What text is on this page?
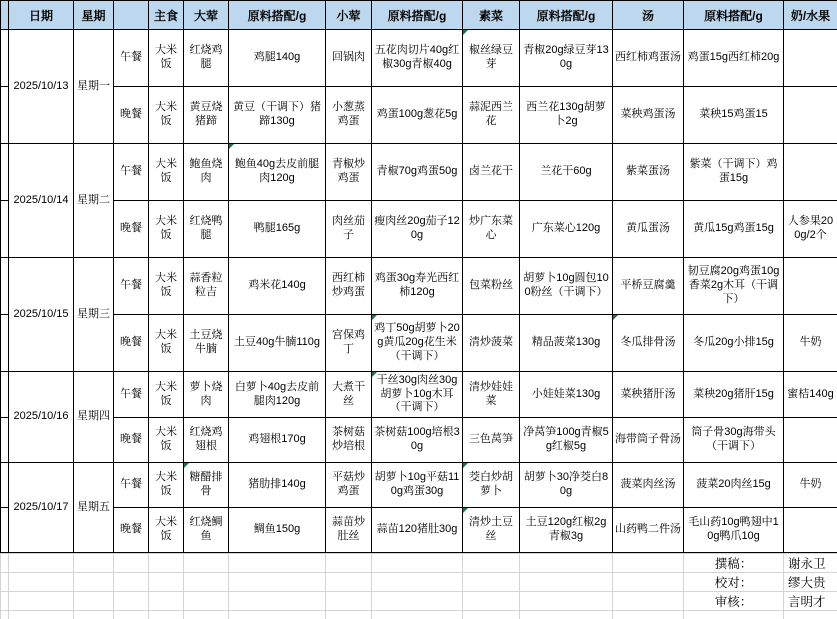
	日期	星期		主食	大荤	原料搭配/g	小荤	原料搭配/g	素菜	原料搭配/g	汤	原料搭配/g	奶/水果
	2025/10/13	星期一	午餐	大米饭	红烧鸡腿	鸡腿140g	回锅肉	五花肉切片40g红椒30g青椒40g	椒丝绿豆芽	青椒20g绿豆芽130g	西红柿鸡蛋汤	鸡蛋15g西红柿20g	
			晚餐	大米饭	黄豆烧猪蹄	黄豆（干调下）猪蹄130g	小葱蒸鸡蛋	鸡蛋100g葱花5g	蒜泥西兰花	西兰花130g胡萝卜2g	菜秧鸡蛋汤	菜秧15鸡蛋15	
	2025/10/14	星期二	午餐	大米饭	鲍鱼烧肉	鲍鱼40g去皮前腿肉120g	青椒炒鸡蛋	青椒70g鸡蛋50g	卤兰花干	兰花干60g	紫菜蛋汤	紫菜（干调下）鸡蛋15g	
			晚餐	大米饭	红烧鸭腿	鸭腿165g	肉丝茄子	瘦肉丝20g茄子120g	炒广东菜心	广东菜心120g	黄瓜蛋汤	黄瓜15g鸡蛋15g	人参果200g/2个
	2025/10/15	星期三	午餐	大米饭	蒜香粒粒吉	鸡米花140g	西红柿炒鸡蛋	鸡蛋30g寿光西红柿120g	包菜粉丝	胡萝卜10g圆包100粉丝（干调下）	平桥豆腐羹	韧豆腐20g鸡蛋10g香菜2g木耳（干调下）	
			晚餐	大米饭	土豆烧牛腩	土豆40g牛腩110g	宫保鸡丁	鸡丁50g胡萝卜20g黄瓜20g花生米（干调下）	清炒菠菜	精品菠菜130g	冬瓜排骨汤	冬瓜20g小排15g	牛奶
	2025/10/16	星期四	午餐	大米饭	萝卜烧肉	白萝卜40g去皮前腿肉120g	大煮干丝	干丝30g肉丝30g胡萝卜10g木耳（干调下）	清炒娃娃菜	小娃娃菜130g	菜秧猪肝汤	菜秧20g猪肝15g	蜜桔140g
			晚餐	大米饭	红烧鸡翅根	鸡翅根170g	茶树菇炒培根	茶树菇100g培根30g	三色莴笋	净莴笋100g青椒5g红椒5g	海带筒子骨汤	筒子骨30g海带头（干调下）	
	2025/10/17	星期五	午餐	大米饭	糖醋排骨	猪肋排140g	平菇炒鸡蛋	胡萝卜10g平菇110g鸡蛋30g	茭白炒胡萝卜	胡萝卜30净茭白80g	菠菜肉丝汤	菠菜20肉丝15g	牛奶
			晚餐	大米饭	红烧鲷鱼	鲷鱼150g	蒜苗炒肚丝	蒜苗120猪肚30g	清炒土豆丝	土豆120g红椒2g青椒3g	山药鸭二件汤	毛山药10g鸭翅中10g鸭爪10g	
												撰稿：	谢永卫
												校对：	缪大贵
												审核：	言明才
